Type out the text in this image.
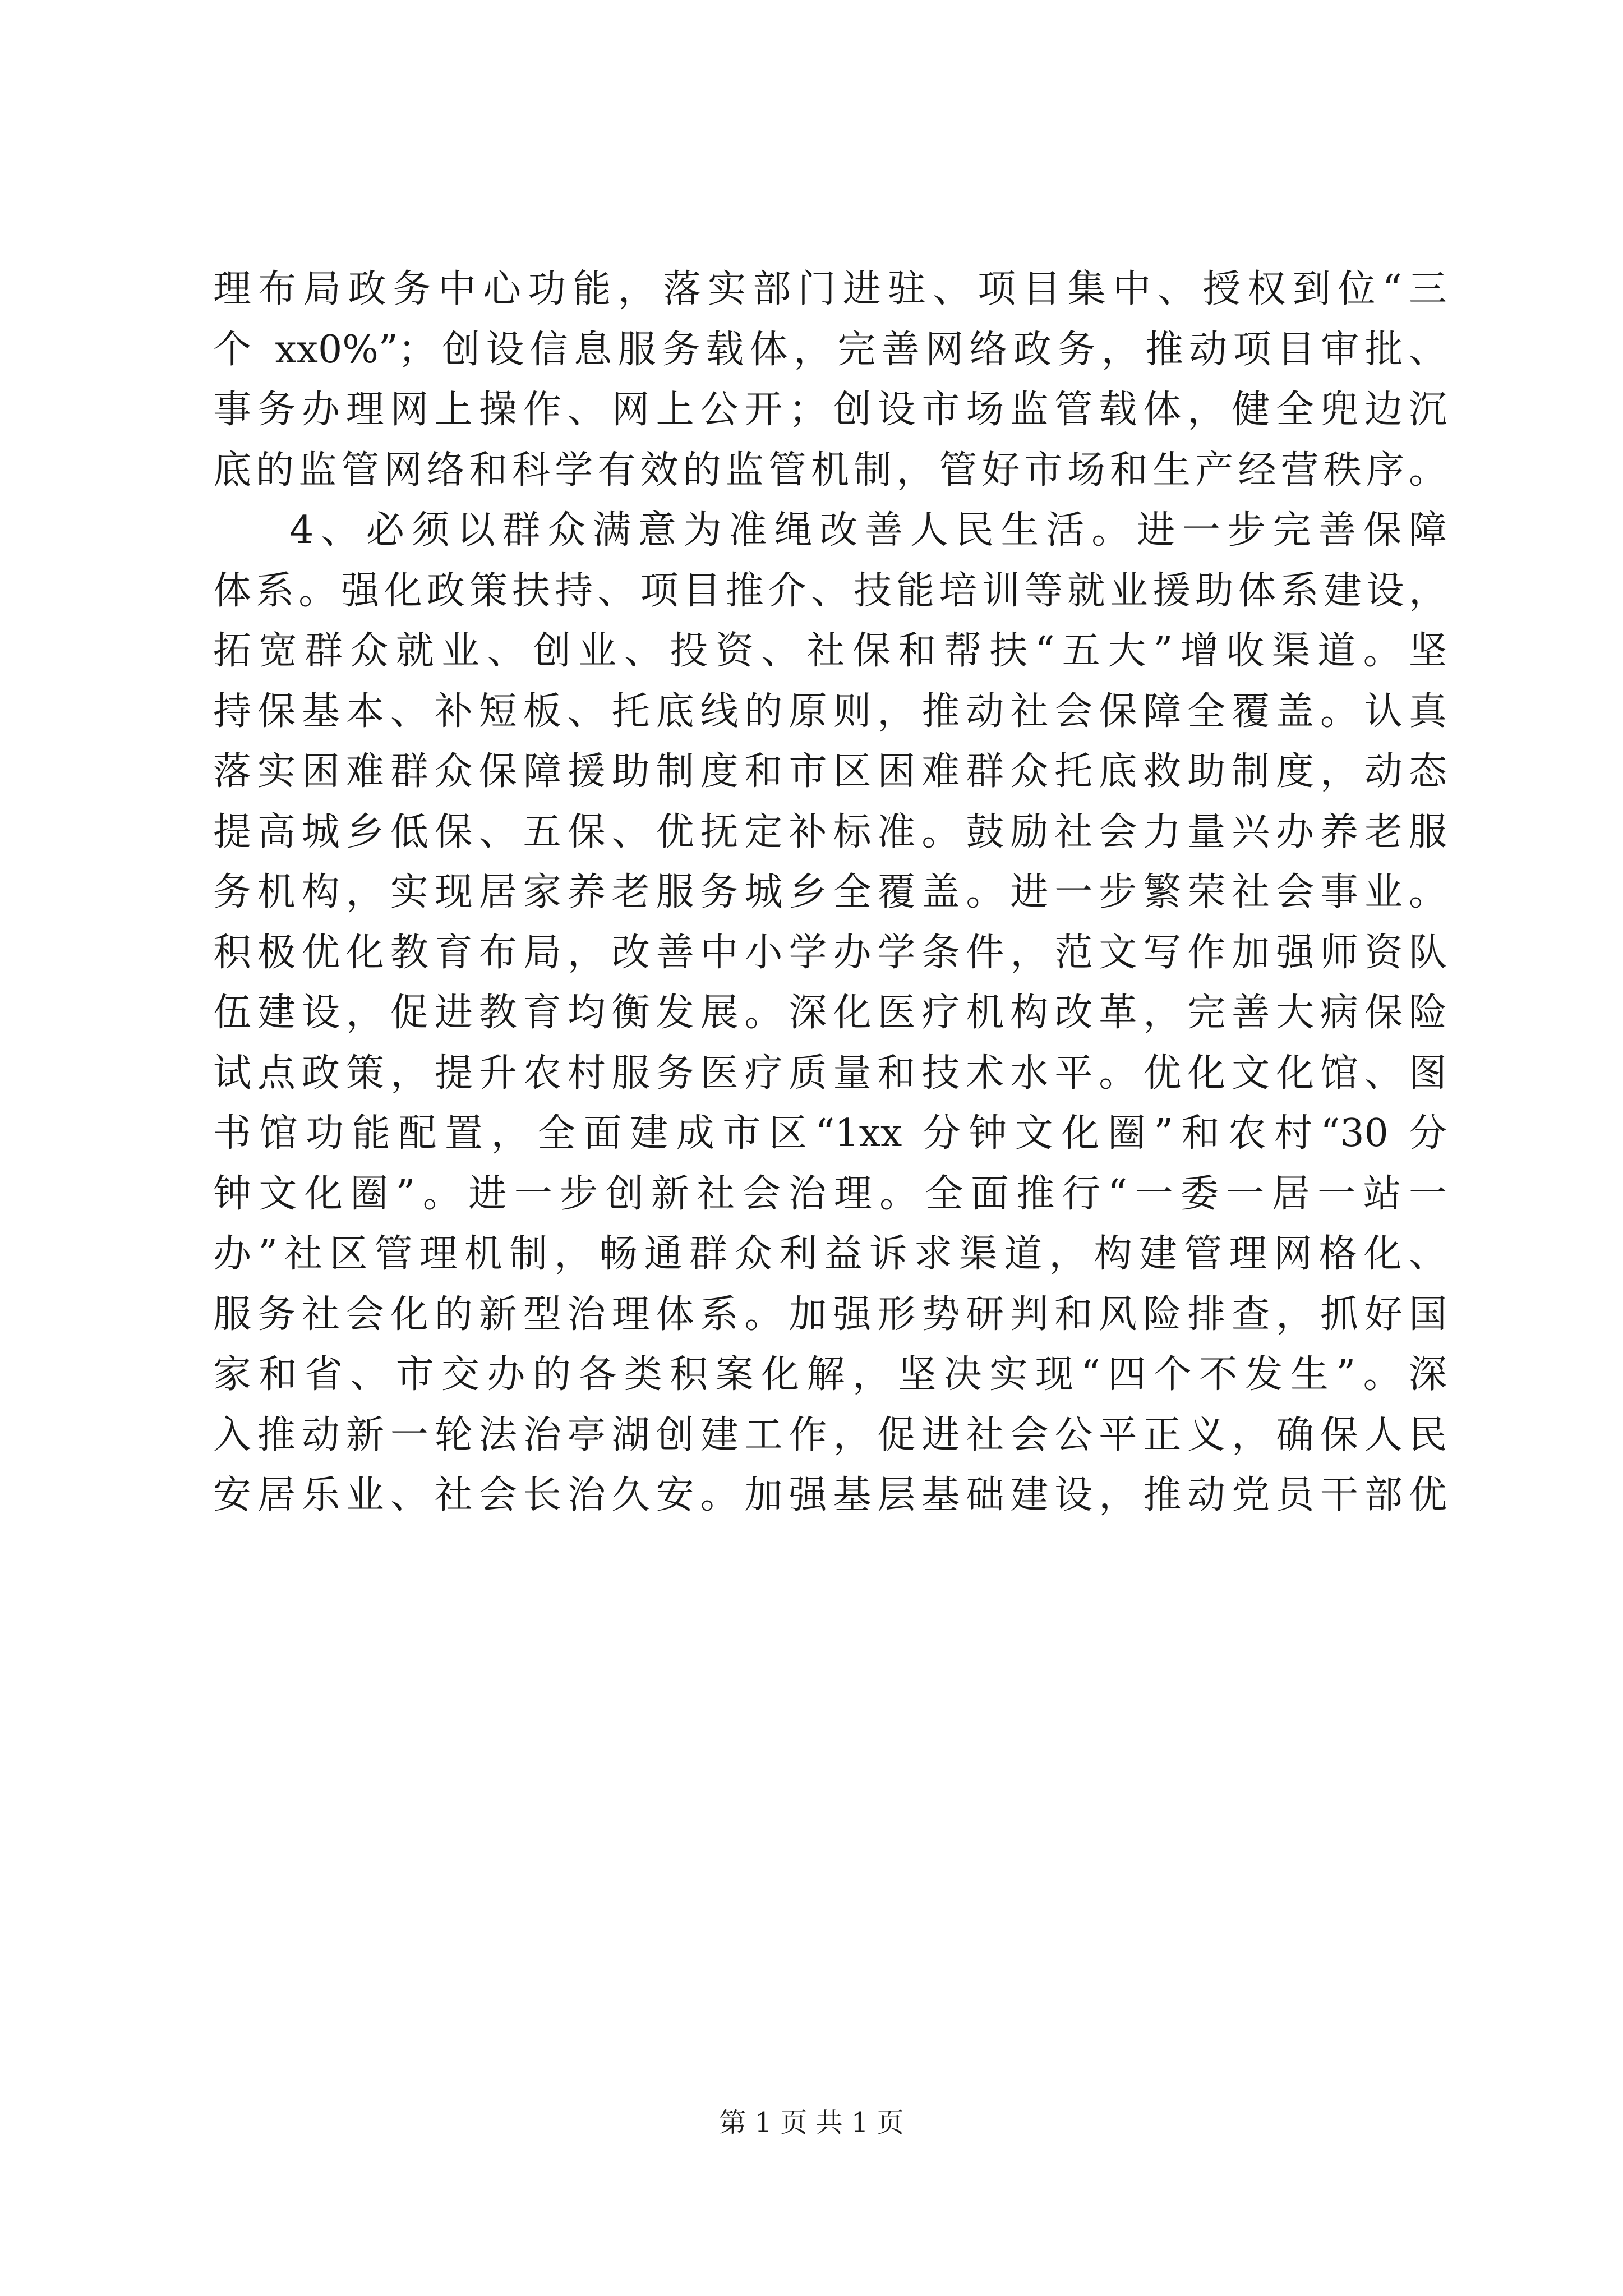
理布局政务中心功能，落实部门进驻、项目集中、授权到位“三
个 xx0%”；创设信息服务载体，完善网络政务，推动项目审批、
事务办理网上操作、网上公开；创设市场监管载体，健全兜边沉
底的监管网络和科学有效的监管机制，管好市场和生产经营秩序。
4、必须以群众满意为准绳改善人民生活。进一步完善保障
体系。强化政策扶持、项目推介、技能培训等就业援助体系建设，
拓宽群众就业、创业、投资、社保和帮扶“五大”增收渠道。坚
持保基本、补短板、托底线的原则，推动社会保障全覆盖。认真
落实困难群众保障援助制度和市区困难群众托底救助制度，动态
提高城乡低保、五保、优抚定补标准。鼓励社会力量兴办养老服
务机构，实现居家养老服务城乡全覆盖。进一步繁荣社会事业。
积极优化教育布局，改善中小学办学条件，范文写作加强师资队
伍建设，促进教育均衡发展。深化医疗机构改革，完善大病保险
试点政策，提升农村服务医疗质量和技术水平。优化文化馆、图
书馆功能配置，全面建成市区“1xx 分钟文化圈”和农村“30 分
钟文化圈”。进一步创新社会治理。全面推行“一委一居一站一
办”社区管理机制，畅通群众利益诉求渠道，构建管理网格化、
服务社会化的新型治理体系。加强形势研判和风险排查，抓好国
家和省、市交办的各类积案化解，坚决实现“四个不发生”。深
入推动新一轮法治亭湖创建工作，促进社会公平正义，确保人民
安居乐业、社会长治久安。加强基层基础建设，推动党员干部优
第 1 页 共 1 页
